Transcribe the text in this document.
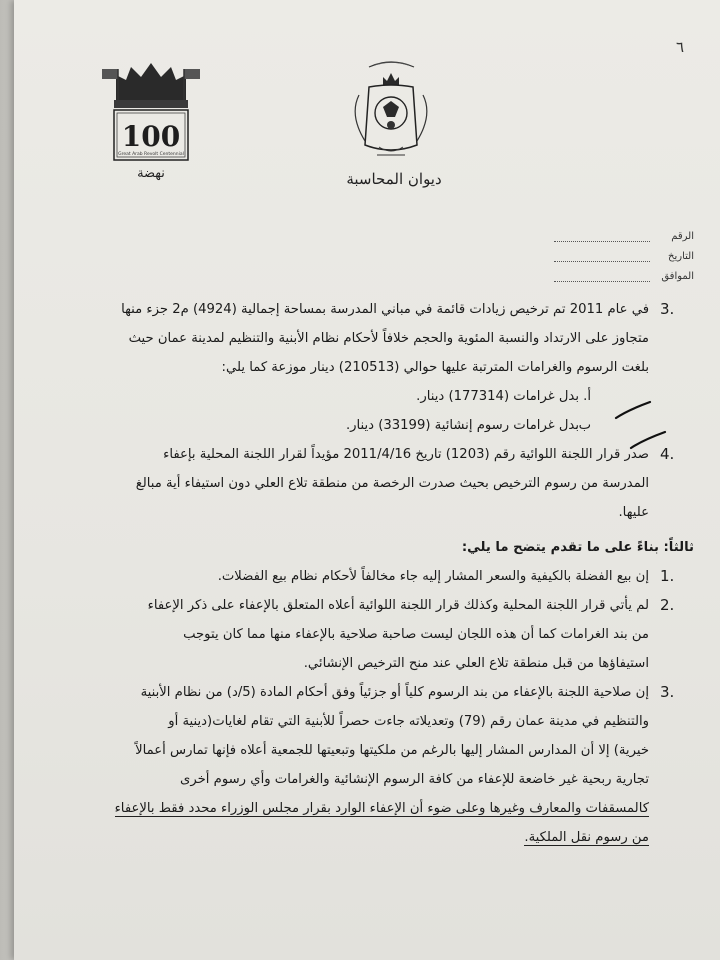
٦
100
Great Arab Revolt Centennial
نهضة	ديوان المحاسبة
الرقم
التاريخ
الموافق
3.
في عام 2011 تم ترخيص زيادات قائمة في مباني المدرسة بمساحة إجمالية (4924) م2 جزء منها
متجاوز على الارتداد والنسبة المئوية والحجم خلافاً لأحكام نظام الأبنية والتنظيم لمدينة عمان حيث
بلغت الرسوم والغرامات المترتبة عليها حوالي (210513) دينار موزعة كما يلي:
أ.
بدل غرامات (177314) دينار.
ب.
بدل غرامات رسوم إنشائية (33199) دينار.
4.
صدر قرار اللجنة اللوائية رقم (1203) تاريخ 2011/4/16 مؤيداً لقرار اللجنة المحلية بإعفاء
المدرسة من رسوم الترخيص بحيث صدرت الرخصة من منطقة تلاع العلي دون استيفاء أية مبالغ
عليها.
ثالثاً: بناءً على ما تقدم يتضح ما يلي:
1.
إن بيع الفضلة بالكيفية والسعر المشار إليه جاء مخالفاً لأحكام نظام بيع الفضلات.
2.
لم يأتي قرار اللجنة المحلية وكذلك قرار اللجنة اللوائية أعلاه المتعلق بالإعفاء على ذكر الإعفاء
من بند الغرامات كما أن هذه اللجان ليست صاحبة صلاحية بالإعفاء منها مما كان يتوجب
استيفاؤها من قبل منطقة تلاع العلي عند منح الترخيص الإنشائي.
3.
إن صلاحية اللجنة بالإعفاء من بند الرسوم كلياً أو جزئياً وفق أحكام المادة (5/د) من نظام الأبنية
والتنظيم في مدينة عمان رقم (79) وتعديلاته جاءت حصراً للأبنية التي تقام لغايات(دينية أو
خيرية) إلا أن المدارس المشار إليها بالرغم من ملكيتها وتبعيتها للجمعية أعلاه فإنها تمارس أعمالاً
تجارية ربحية غير خاضعة للإعفاء من كافة الرسوم الإنشائية والغرامات وأي رسوم أخرى
كالمسقفات والمعارف وغيرها وعلى ضوء أن الإعفاء الوارد بقرار مجلس الوزراء محدد فقط بالإعفاء
من رسوم نقل الملكية.
